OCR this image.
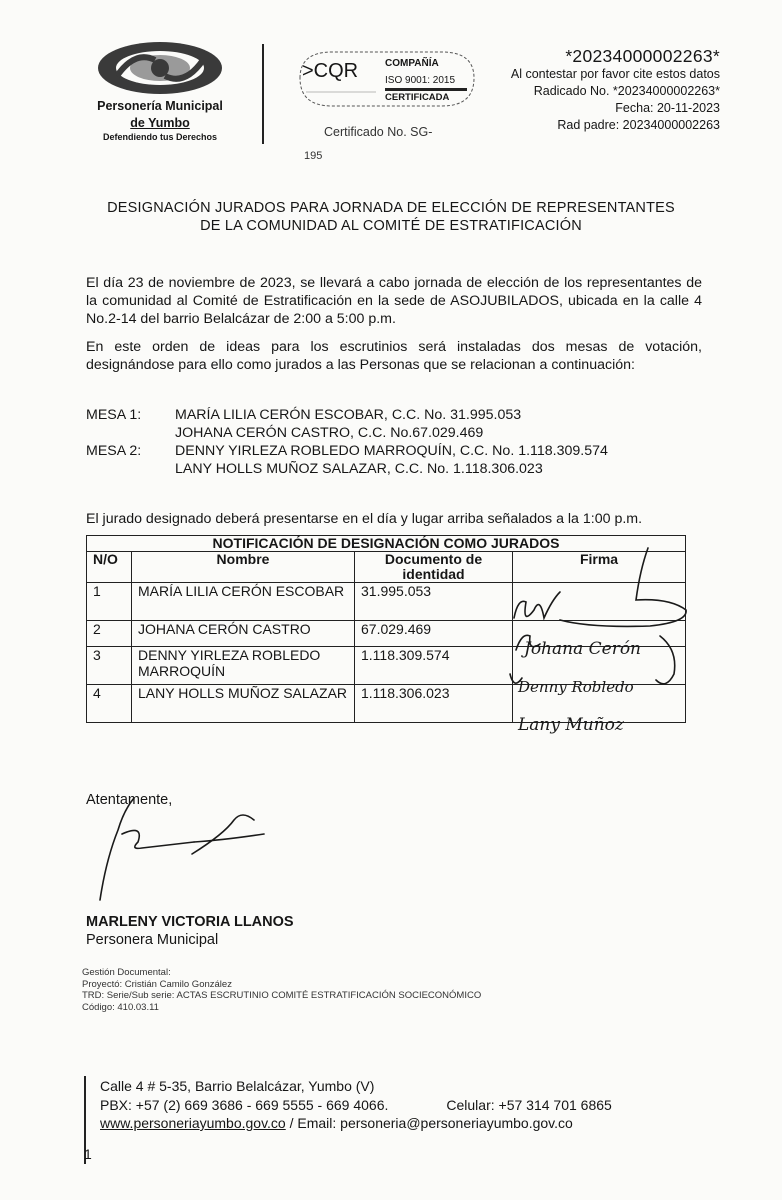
Personería Municipal
de Yumbo
Defendiendo tus Derechos
>CQR	COMPAÑÍA
ISO 9001: 2015
CERTIFICADA
Certificado No. SG-
195
*20234000002263*
Al contestar por favor cite estos datos
Radicado No. *20234000002263*
Fecha: 20-11-2023
Rad padre: 20234000002263
DESIGNACIÓN JURADOS PARA JORNADA DE ELECCIÓN DE REPRESENTANTES
DE LA COMUNIDAD AL COMITÉ DE ESTRATIFICACIÓN
El día 23 de noviembre de 2023, se llevará a cabo jornada de elección de los representantes de la comunidad al Comité de Estratificación en la sede de ASOJUBILADOS, ubicada en la calle 4 No.2-14 del barrio Belalcázar de 2:00 a 5:00 p.m.
En este orden de ideas para los escrutinios será instaladas dos mesas de votación, designándose para ello como jurados a las Personas que se relacionan a continuación:
MESA 1:	MARÍA LILIA CERÓN ESCOBAR, C.C. No. 31.995.053
JOHANA CERÓN CASTRO, C.C. No.67.029.469
MESA 2:	DENNY YIRLEZA ROBLEDO MARROQUÍN, C.C. No. 1.118.309.574
LANY HOLLS MUÑOZ SALAZAR, C.C. No. 1.118.306.023
El jurado designado deberá presentarse en el día y lugar arriba señalados a la 1:00 p.m.
NOTIFICACIÓN DE DESIGNACIÓN COMO JURADOS			
N/O	Nombre	Documento de identidad	Firma
1	MARÍA LILIA CERÓN ESCOBAR	31.995.053	
2	JOHANA CERÓN CASTRO	67.029.469	
3	DENNY YIRLEZA ROBLEDO MARROQUÍN	1.118.309.574	
4	LANY HOLLS MUÑOZ SALAZAR	1.118.306.023	
Johana Cerón
Denny Robledo
Lany Muñoz
Atentamente,
MARLENY VICTORIA LLANOS
Personera Municipal
Gestión Documental:
Proyectó: Cristián Camilo González
TRD: Serie/Sub serie: ACTAS ESCRUTINIO COMITÉ ESTRATIFICACIÓN SOCIECONÓMICO
Código: 410.03.11
Calle 4 # 5-35, Barrio Belalcázar, Yumbo (V)
PBX: +57 (2) 669 3686 - 669 5555 - 669 4066.	Celular: +57 314 701 6865
www.personeriayumbo.gov.co / Email: personeria@personeriayumbo.gov.co
1
